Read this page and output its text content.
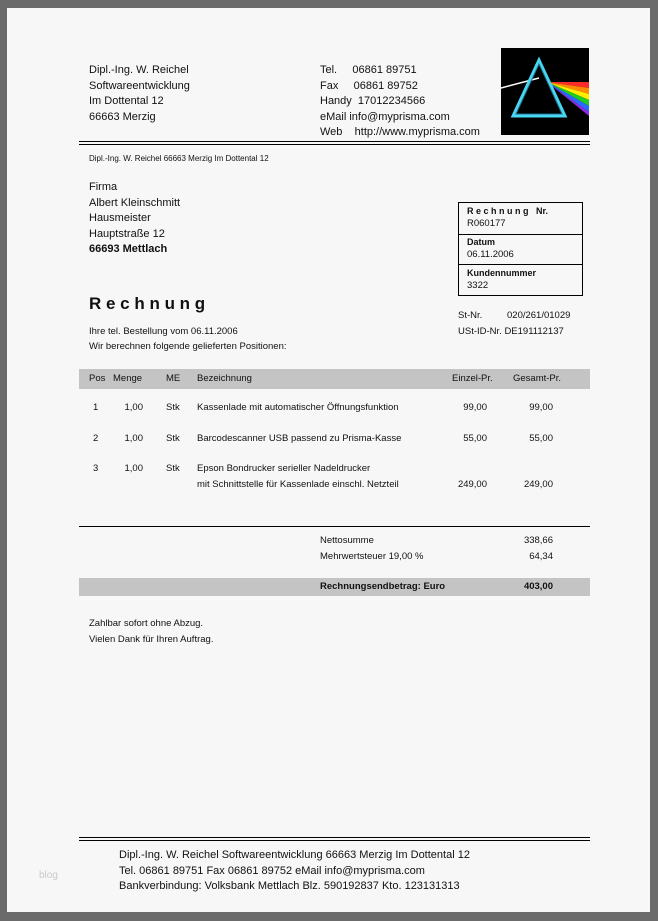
Dipl.-Ing. W. Reichel
Softwareentwicklung
Im Dottental 12
66663 Merzig
Tel.     06861 89751
Fax     06861 89752
Handy  17012234566
eMail info@myprisma.com
Web    http://www.myprisma.com
Dipl.-Ing. W. Reichel 66663 Merzig Im Dottental 12
Firma
Albert Kleinschmitt
Hausmeister
Hauptstraße 12
66693 Mettlach
R e c h n u n g   Nr.
R060177
Datum
06.11.2006
Kundennummer
3322
R e c h n u n g
Ihre tel. Bestellung vom 06.11.2006
Wir berechnen folgende gelieferten Positionen:
St-Nr.	020/261/01029
USt-ID-Nr. DE191112137
Pos Menge	ME Bezeichnung	Einzel-Pr. Gesamt-Pr.
1	1,00 Stk Kassenlade mit automatischer Öffnungsfunktion	99,00	99,00
2	1,00 Stk Barcodescanner USB passend zu Prisma-Kasse	55,00	55,00
3	1,00 Stk Epson Bondrucker serieller Nadeldrucker
mit Schnittstelle für Kassenlade einschl. Netzteil	249,00	249,00
Nettosumme	338,66
Mehrwertsteuer 19,00 %	64,34
Rechnungsendbetrag: Euro	403,00
Zahlbar sofort ohne Abzug.
Vielen Dank für Ihren Auftrag.
Dipl.-Ing. W. Reichel Softwareentwicklung 66663 Merzig Im Dottental 12
Tel. 06861 89751 Fax 06861 89752 eMail info@myprisma.com
Bankverbindung: Volksbank Mettlach Blz. 590192837 Kto. 123131313
blog
